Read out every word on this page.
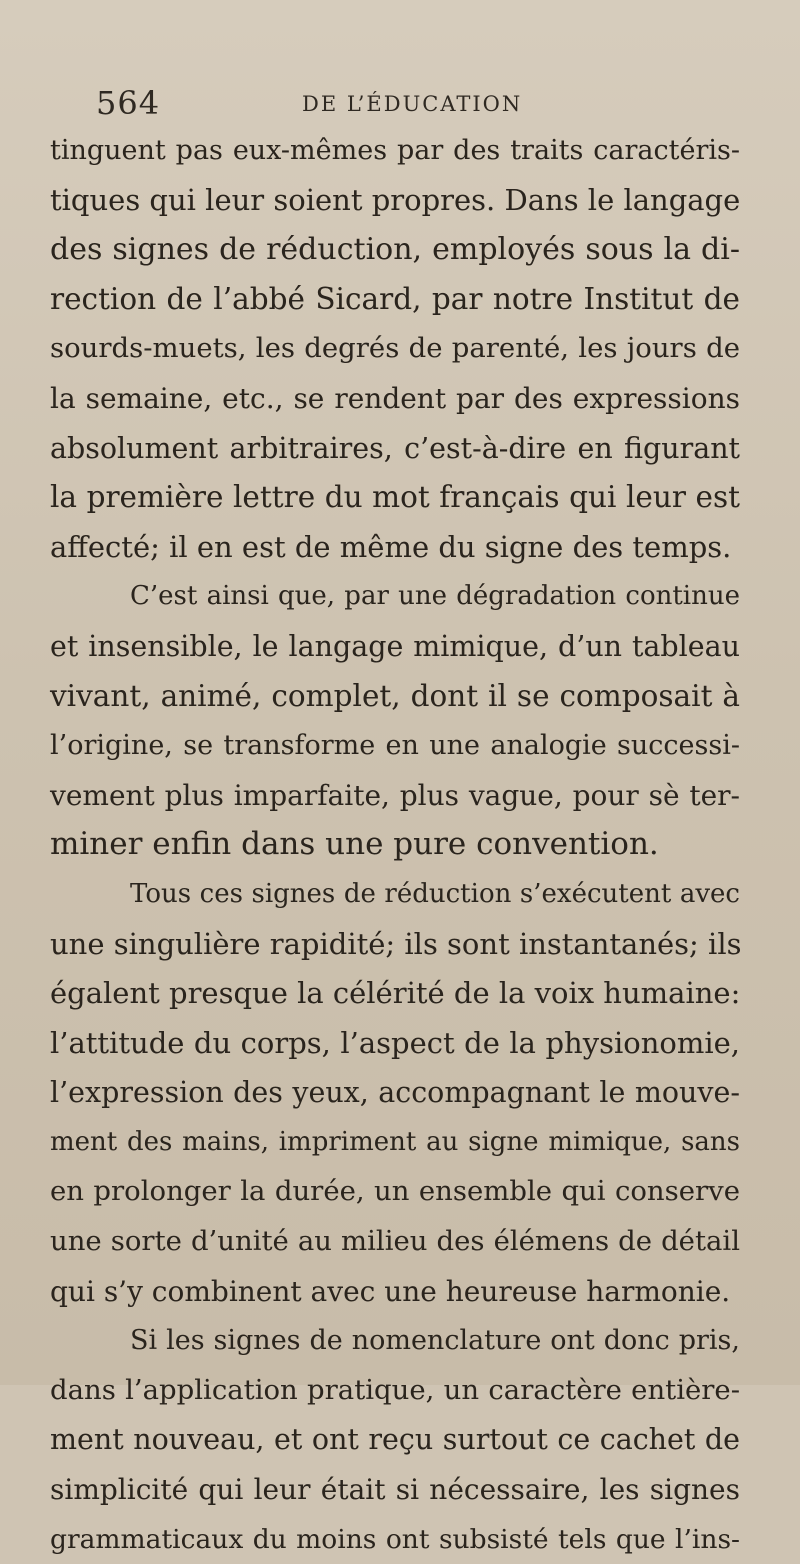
564	DE L’ÉDUCATION
tinguent pas eux-mêmes par des traits caractéris-
tiques qui leur soient propres. Dans le langage
des signes de réduction, employés sous la di-
rection de l’abbé Sicard, par notre Institut de
sourds-muets, les degrés de parenté, les jours de
la semaine, etc., se rendent par des expressions
absolument arbitraires, c’est-à-dire en figurant
la première lettre du mot français qui leur est
affecté; il en est de même du signe des temps.
C’est ainsi que, par une dégradation continue
et insensible, le langage mimique, d’un tableau
vivant, animé, complet, dont il se composait à
l’origine, se transforme en une analogie successi-
vement plus imparfaite, plus vague, pour sè ter-
miner enfin dans une pure convention.
Tous ces signes de réduction s’exécutent avec
une singulière rapidité; ils sont instantanés; ils
égalent presque la célérité de la voix humaine:
l’attitude du corps, l’aspect de la physionomie,
l’expression des yeux, accompagnant le mouve-
ment des mains, impriment au signe mimique, sans
en prolonger la durée, un ensemble qui conserve
une sorte d’unité au milieu des élémens de détail
qui s’y combinent avec une heureuse harmonie.
Si les signes de nomenclature ont donc pris,
dans l’application pratique, un caractère entière-
ment nouveau, et ont reçu surtout ce cachet de
simplicité qui leur était si nécessaire, les signes
grammaticaux du moins ont subsisté tels que l’ins-
